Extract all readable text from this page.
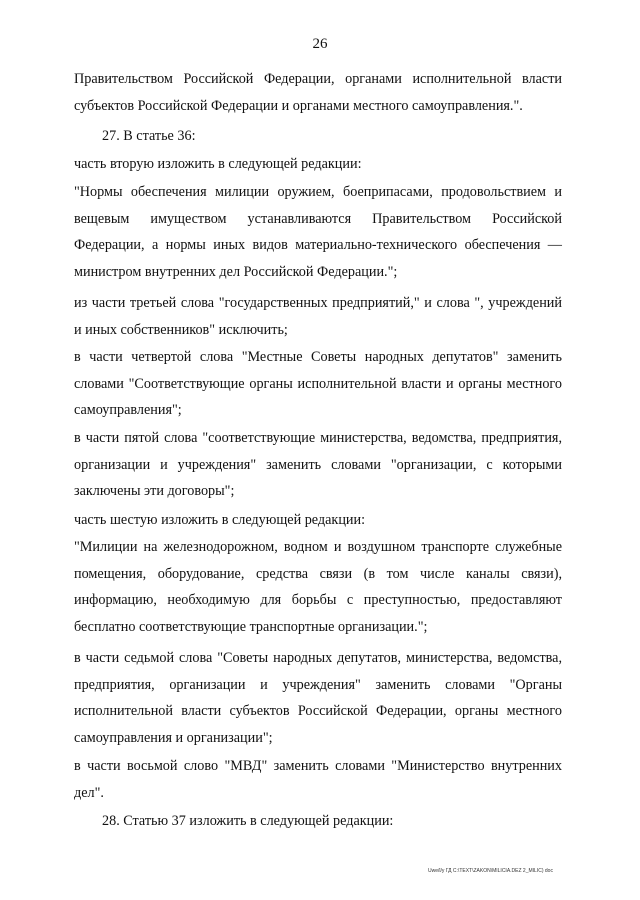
26
Правительством Российской Федерации, органами исполнительной власти субъектов Российской Федерации и органами местного самоуправления.".
27. В статье 36:
часть вторую изложить в следующей редакции:
"Нормы обеспечения милиции оружием, боеприпасами, продовольствием и вещевым имуществом устанавливаются Правительством Российской Федерации, а нормы иных видов материально-технического обеспечения — министром внутренних дел Российской Федерации.";
из части третьей слова "государственных предприятий," и слова ", учреждений и иных собственников" исключить;
в части четвертой слова "Местные Советы народных депутатов" заменить словами "Соответствующие органы исполнительной власти и органы местного самоуправления";
в части пятой слова "соответствующие министерства, ведомства, предприятия, организации и учреждения" заменить словами "организации, с которыми заключены эти договоры";
часть шестую изложить в следующей редакции:
"Милиции на железнодорожном, водном и воздушном транспорте служебные помещения, оборудование, средства связи (в том числе каналы связи), информацию, необходимую для борьбы с преступностью, предоставляют бесплатно соответствующие транспортные организации.";
в части седьмой слова "Советы народных депутатов, министерства, ведомства, предприятия, организации и учреждения" заменить словами "Органы исполнительной власти субъектов Российской Федерации, органы местного самоуправления и организации";
в части восьмой слово "МВД" заменить словами "Министерство внутренних дел".
28. Статью 37 изложить в следующей редакции:
Uwe/l/y ГД C:\TEXT\ZAKON\MILICIA.DEZ 2_MILIC) doc
